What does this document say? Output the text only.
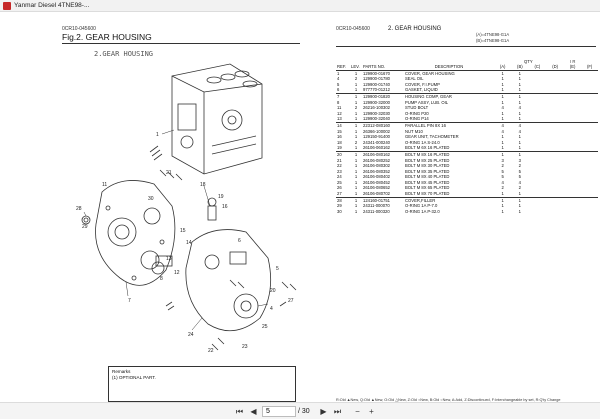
Yanmar Diesel 4TNE98-...
0CR10-045600
Fig.2. GEAR HOUSING
2.GEAR HOUSING
1
18
28
29
11
7
8
12
13
16
19
24
22
4
5
20
27
6
15
14
30
21
23
25
Remarks
(1) OPTIONAL PART.
0CR10-045600	2. GEAR HOUSING
(A)=4TNE98-G1A
(B)=4TNE98-G1A
QTY	I R
REF.	LEV.	PARTS NO.	DESCRIPTION	(A)	(B)	(C)	(D)	(E)	(F)
1	1	129900-01670	COVER, GEAR HOUSING	1	1				
4	2	129900-01780	SEAL OIL	1	1				
5	1	129900-01740	COVER, F.I.PUMP	1	1				
6	1	977770-01212	GASKET, LIQUID	1	1				
7	1	129900-01820	HOUSING COMP, GEAR	1	1				
8	1	129900-32000	PUMP ASSY, LUB. OIL	1	1				
11	2	26216-100302	STUD BOLT	4	4				
12	1	129900-32030	O-RING P20	1	1				
13	1	129900-32040	O-RING P14	1	1				
14	1	22312-080160	PARALLEL PIN 8X 16	4	4				
15	1	26366-100002	NUT M10	4	4				
16	1	129150-91400	GEAR UNIT, TACHOMETER	1	1				
18	2	24341-000240	O-RING 1A S-24.0	1	1				
19	1	26106-060162	BOLT M 6X 16 PLATED	1	1				
20	1	26106-080162	BOLT M 8X 16 PLATED	1	1				
21	1	26106-080252	BOLT M 8X 25 PLATED	3	3				
22	1	26106-080302	BOLT M 8X 30 PLATED	2	2				
23	1	26106-080352	BOLT M 8X 35 PLATED	5	5				
24	1	26106-080402	BOLT M 8X 40 PLATED	5	5				
25	1	26106-080452	BOLT M 8X 45 PLATED	4	4				
26	1	26106-080652	BOLT M 8X 65 PLATED	2	2				
27	1	26106-080702	BOLT M 8X 70 PLATED	1	1				
28	1	124160-01751	COVER,FILLER	1	1				
29	1	24311-000070	O-RING 1A P-7.0	1	1				
30	1	24311-000320	O-RING 1A P-32.0	1	1				
R:Old ▲New, Q:Old ▲New, O:Old △New, Z:Old ○New, B:Old ○New, A:Add, Z:Discontinued, F:Interchangeable by set, R:Q'ty Change
⏮ ◀
5	/ 30	▶ ⏭	−	+
